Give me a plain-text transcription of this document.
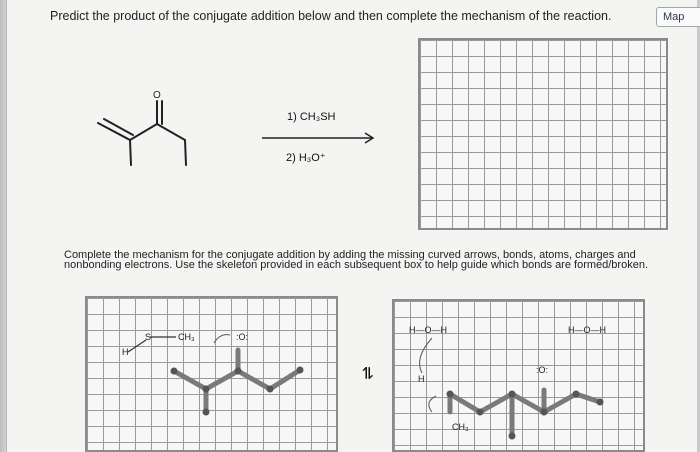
Predict the product of the conjugate addition below and then complete the mechanism of the reaction.	Map
O
1) CH₃SH
2) H₃O⁺
Complete the mechanism for the conjugate addition by adding the missing curved arrows, bonds, atoms, charges and nonbonding electrons. Use the skeleton provided in each subsequent box to help guide which bonds are formed/broken.
H
S	CH₃	:O:
⇌
H—O—H	H—O—H
H
:O:
CH₃
